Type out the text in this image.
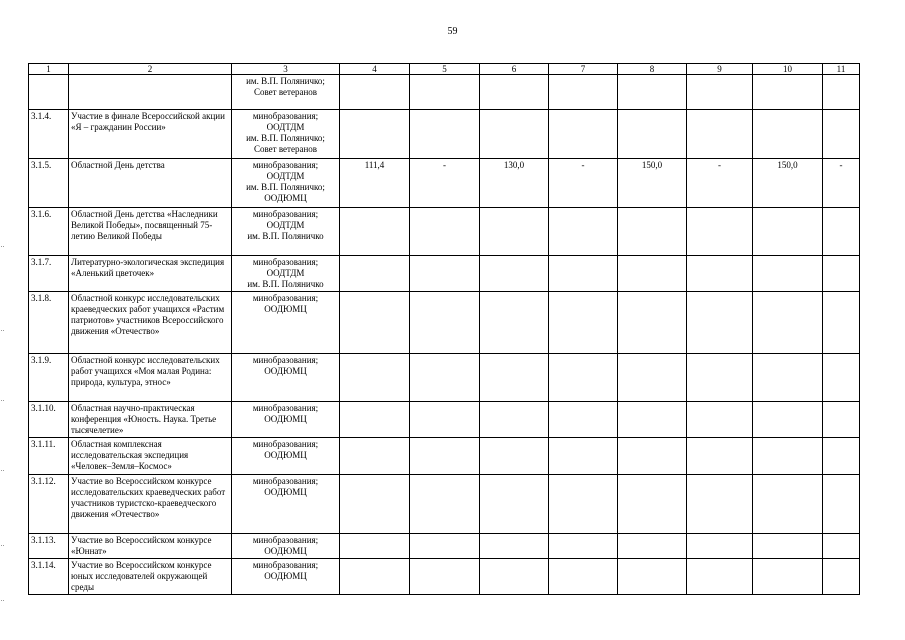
59
1	2	3	4	5	6	7	8	9	10	11
		им. В.П. Поляничко;
Совет ветеранов								
3.1.4.	Участие в финале Всероссийской акции «Я – гражданин России»	минобразования;
ООДТДМ
им. В.П. Поляничко;
Совет ветеранов								
3.1.5.	Областной День детства	минобразования;
ООДТДМ
им. В.П. Поляничко;
ООДЮМЦ	111,4	-	130,0	-	150,0	-	150,0	-
3.1.6.	Областной День детства «Наследники Великой Победы», посвященный 75-летию Великой Победы	минобразования;
ООДТДМ
им. В.П. Поляничко								
3.1.7.	Литературно-экологическая экспедиция «Аленький цветочек»	минобразования;
ООДТДМ
им. В.П. Поляничко								
3.1.8.	Областной конкурс исследовательских краеведческих работ учащихся «Растим патриотов» участников Всероссийского движения «Отечество»	минобразования;
ООДЮМЦ								
3.1.9.	Областной конкурс исследовательских работ учащихся «Моя малая Родина: природа, культура, этнос»	минобразования;
ООДЮМЦ								
3.1.10.	Областная научно-практическая конференция «Юность. Наука. Третье тысячелетие»	минобразования;
ООДЮМЦ								
3.1.11.	Областная комплексная исследовательская экспедиция «Человек–Земля–Космос»	минобразования;
ООДЮМЦ								
3.1.12.	Участие во Всероссийском конкурсе исследовательских краеведческих работ участников туристско-краеведческого движения «Отечество»	минобразования;
ООДЮМЦ								
3.1.13.	Участие во Всероссийском конкурсе «Юннат»	минобразования;
ООДЮМЦ								
3.1.14.	Участие во Всероссийском конкурсе юных исследователей окружающей среды	минобразования;
ООДЮМЦ								
